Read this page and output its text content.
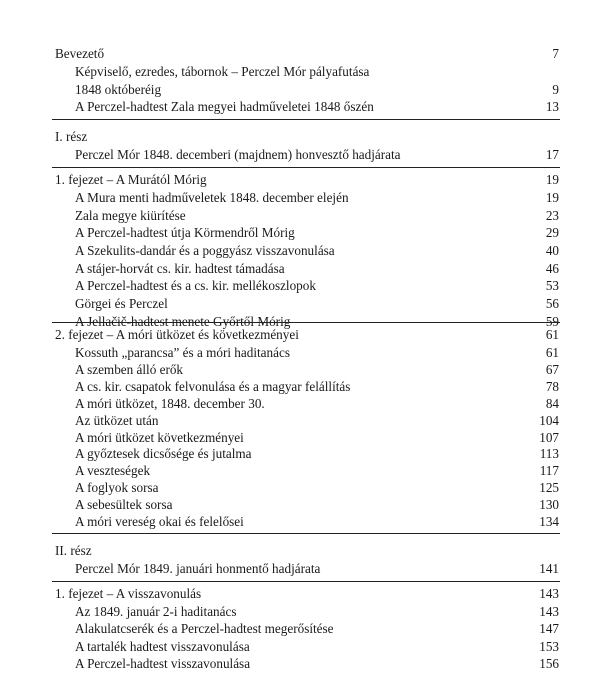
Bevezető	7
Képviselő, ezredes, tábornok – Perczel Mór pályafutása
1848 októberéig	9
A Perczel-hadtest Zala megyei hadműveletei 1848 őszén	13
I. rész
Perczel Mór 1848. decemberi (majdnem) honvesztő hadjárata	17
1. fejezet – A Murától Mórig	19
A Mura menti hadműveletek 1848. december elején	19
Zala megye kiürítése	23
A Perczel-hadtest útja Körmendről Mórig	29
A Szekulits-dandár és a poggyász visszavonulása	40
A stájer-horvát cs. kir. hadtest támadása	46
A Perczel-hadtest és a cs. kir. mellékoszlopok	53
Görgei és Perczel	56
A Jellačič-hadtest menete Győrtől Mórig	59
2. fejezet – A móri ütközet és következményei	61
Kossuth „parancsa” és a móri haditanács	61
A szemben álló erők	67
A cs. kir. csapatok felvonulása és a magyar felállítás	78
A móri ütközet, 1848. december 30.	84
Az ütközet után	104
A móri ütközet következményei	107
A győztesek dicsősége és jutalma	113
A veszteségek	117
A foglyok sorsa	125
A sebesültek sorsa	130
A móri vereség okai és felelősei	134
II. rész
Perczel Mór 1849. januári honmentő hadjárata	141
1. fejezet – A visszavonulás	143
Az 1849. január 2-i haditanács	143
Alakulatcserék és a Perczel-hadtest megerősítése	147
A tartalék hadtest visszavonulása	153
A Perczel-hadtest visszavonulása	156
